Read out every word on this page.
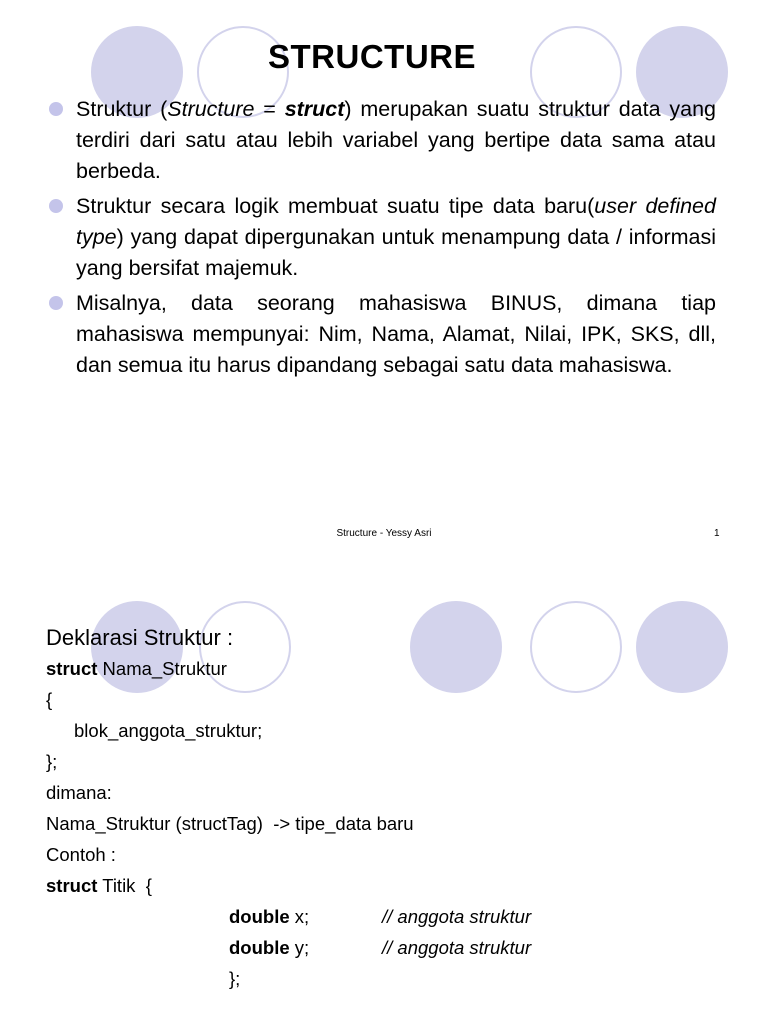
STRUCTURE
Struktur (Structure = struct) merupakan suatu struktur data yang terdiri dari satu atau lebih variabel yang bertipe data sama atau berbeda.
Struktur secara logik membuat suatu tipe data baru(user defined type) yang dapat dipergunakan untuk menampung data / informasi yang bersifat majemuk.
Misalnya, data seorang mahasiswa BINUS, dimana tiap mahasiswa mempunyai: Nim, Nama, Alamat, Nilai, IPK, SKS, dll, dan semua itu harus dipandang sebagai satu data mahasiswa.
Structure - Yessy Asri	1
Deklarasi Struktur :
struct Nama_Struktur
{
blok_anggota_struktur;
};
dimana:
Nama_Struktur (structTag)  -> tipe_data baru
Contoh :
struct Titik  {
double x;	// anggota struktur
double y;	// anggota struktur
};
